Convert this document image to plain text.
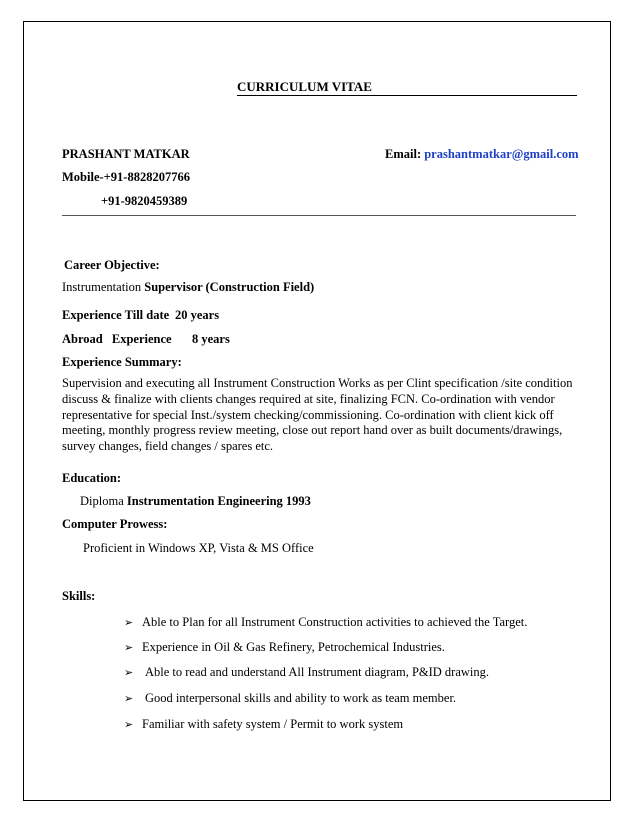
CURRICULUM VITAE
PRASHANT MATKAR	Email: prashantmatkar@gmail.com
Mobile-+91-8828207766
+91-9820459389
Career Objective:
Instrumentation Supervisor (Construction Field)
Experience Till date 20 years
Abroad Experience 8 years
Experience Summary:
Supervision and executing all Instrument Construction Works as per Clint specification /site condition discuss & finalize with clients changes required at site, finalizing FCN. Co-ordination with vendor representative for special Inst./system checking/commissioning. Co-ordination with client kick off meeting, monthly progress review meeting, close out report hand over as built documents/drawings, survey changes, field changes / spares etc.
Education:
Diploma Instrumentation Engineering 1993
Computer Prowess:
Proficient in Windows XP, Vista & MS Office
Skills:
➢ Able to Plan for all Instrument Construction activities to achieved the Target.
➢ Experience in Oil & Gas Refinery, Petrochemical Industries.
➢ Able to read and understand All Instrument diagram, P&ID drawing.
➢ Good interpersonal skills and ability to work as team member.
➢ Familiar with safety system / Permit to work system
